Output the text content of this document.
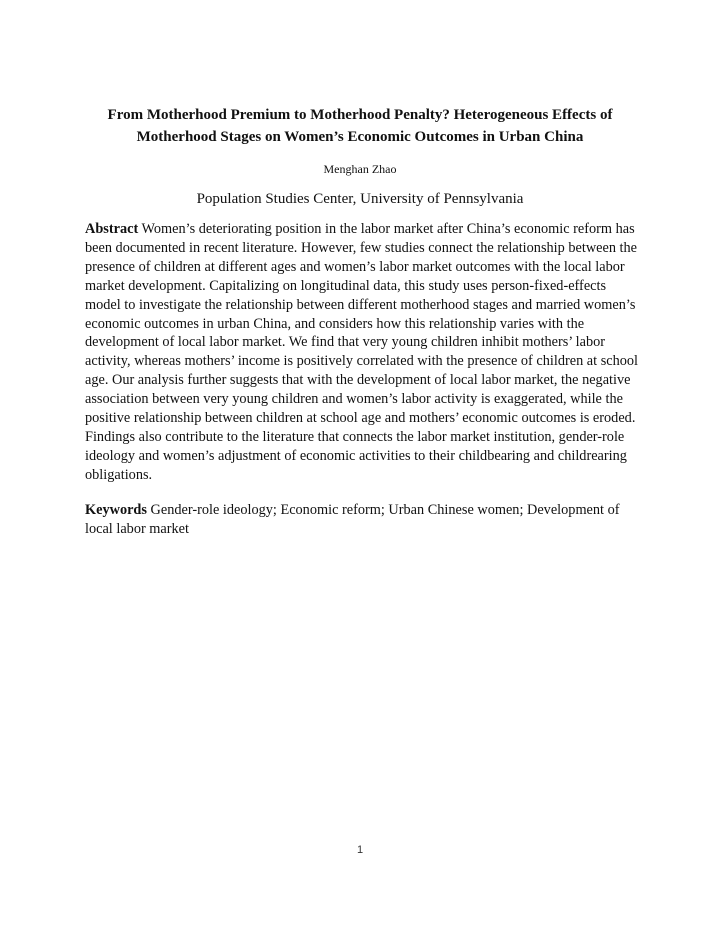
From Motherhood Premium to Motherhood Penalty? Heterogeneous Effects of
Motherhood Stages on Women’s Economic Outcomes in Urban China
Menghan Zhao
Population Studies Center, University of Pennsylvania
Abstract Women’s deteriorating position in the labor market after China’s economic reform has
been documented in recent literature. However, few studies connect the relationship between the
presence of children at different ages and women’s labor market outcomes with the local labor
market development. Capitalizing on longitudinal data, this study uses person-fixed-effects
model to investigate the relationship between different motherhood stages and married women’s
economic outcomes in urban China, and considers how this relationship varies with the
development of local labor market. We find that very young children inhibit mothers’ labor
activity, whereas mothers’ income is positively correlated with the presence of children at school
age. Our analysis further suggests that with the development of local labor market, the negative
association between very young children and women’s labor activity is exaggerated, while the
positive relationship between children at school age and mothers’ economic outcomes is eroded.
Findings also contribute to the literature that connects the labor market institution, gender-role
ideology and women’s adjustment of economic activities to their childbearing and childrearing
obligations.
Keywords Gender-role ideology; Economic reform; Urban Chinese women; Development of
local labor market
1
